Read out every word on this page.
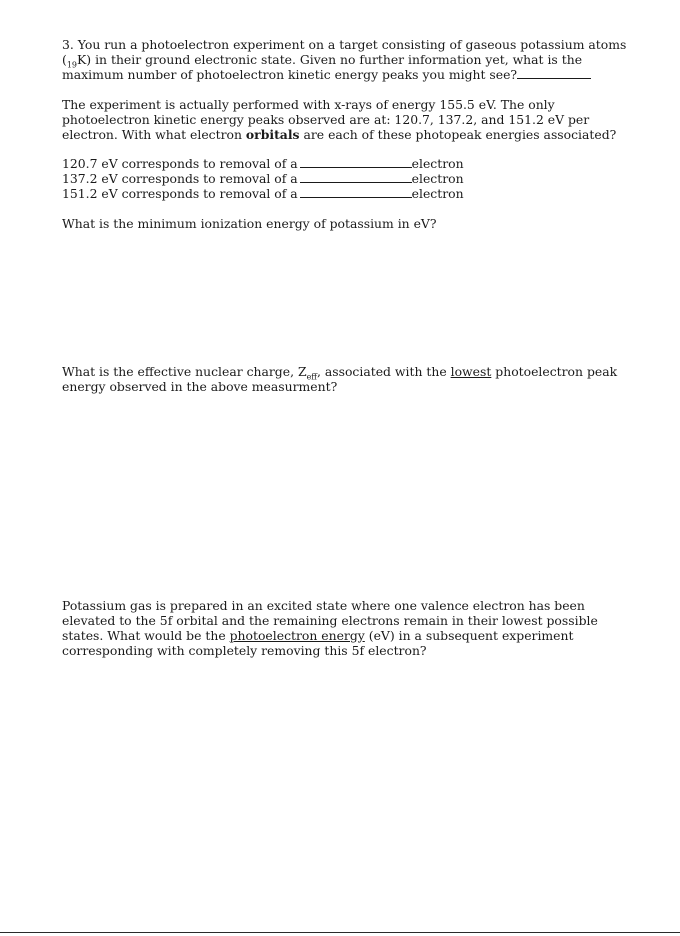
3. You run a photoelectron experiment on a target consisting of gaseous potassium atoms $(_{19}K)$ in their ground electronic state. Given no further information yet, what is the maximum number of photoelectron kinetic energy peaks you might see?
The experiment is actually performed with x-rays of energy 155.5 eV. The only photoelectron kinetic energy peaks observed are at: 120.7, 137.2, and 151.2 eV per electron. With what electron orbitals are each of these photopeak energies associated?
120.7 eV corresponds to removal of a	electron
137.2 eV corresponds to removal of a	electron
151.2 eV corresponds to removal of a	electron
What is the minimum ionization energy of potassium in eV?
What is the effective nuclear charge, $Z_{eff}$, associated with the lowest photoelectron peak energy observed in the above measurment?
Potassium gas is prepared in an excited state where one valence electron has been elevated to the 5f orbital and the remaining electrons remain in their lowest possible states. What would be the photoelectron energy (eV) in a subsequent experiment corresponding with completely removing this 5f electron?
